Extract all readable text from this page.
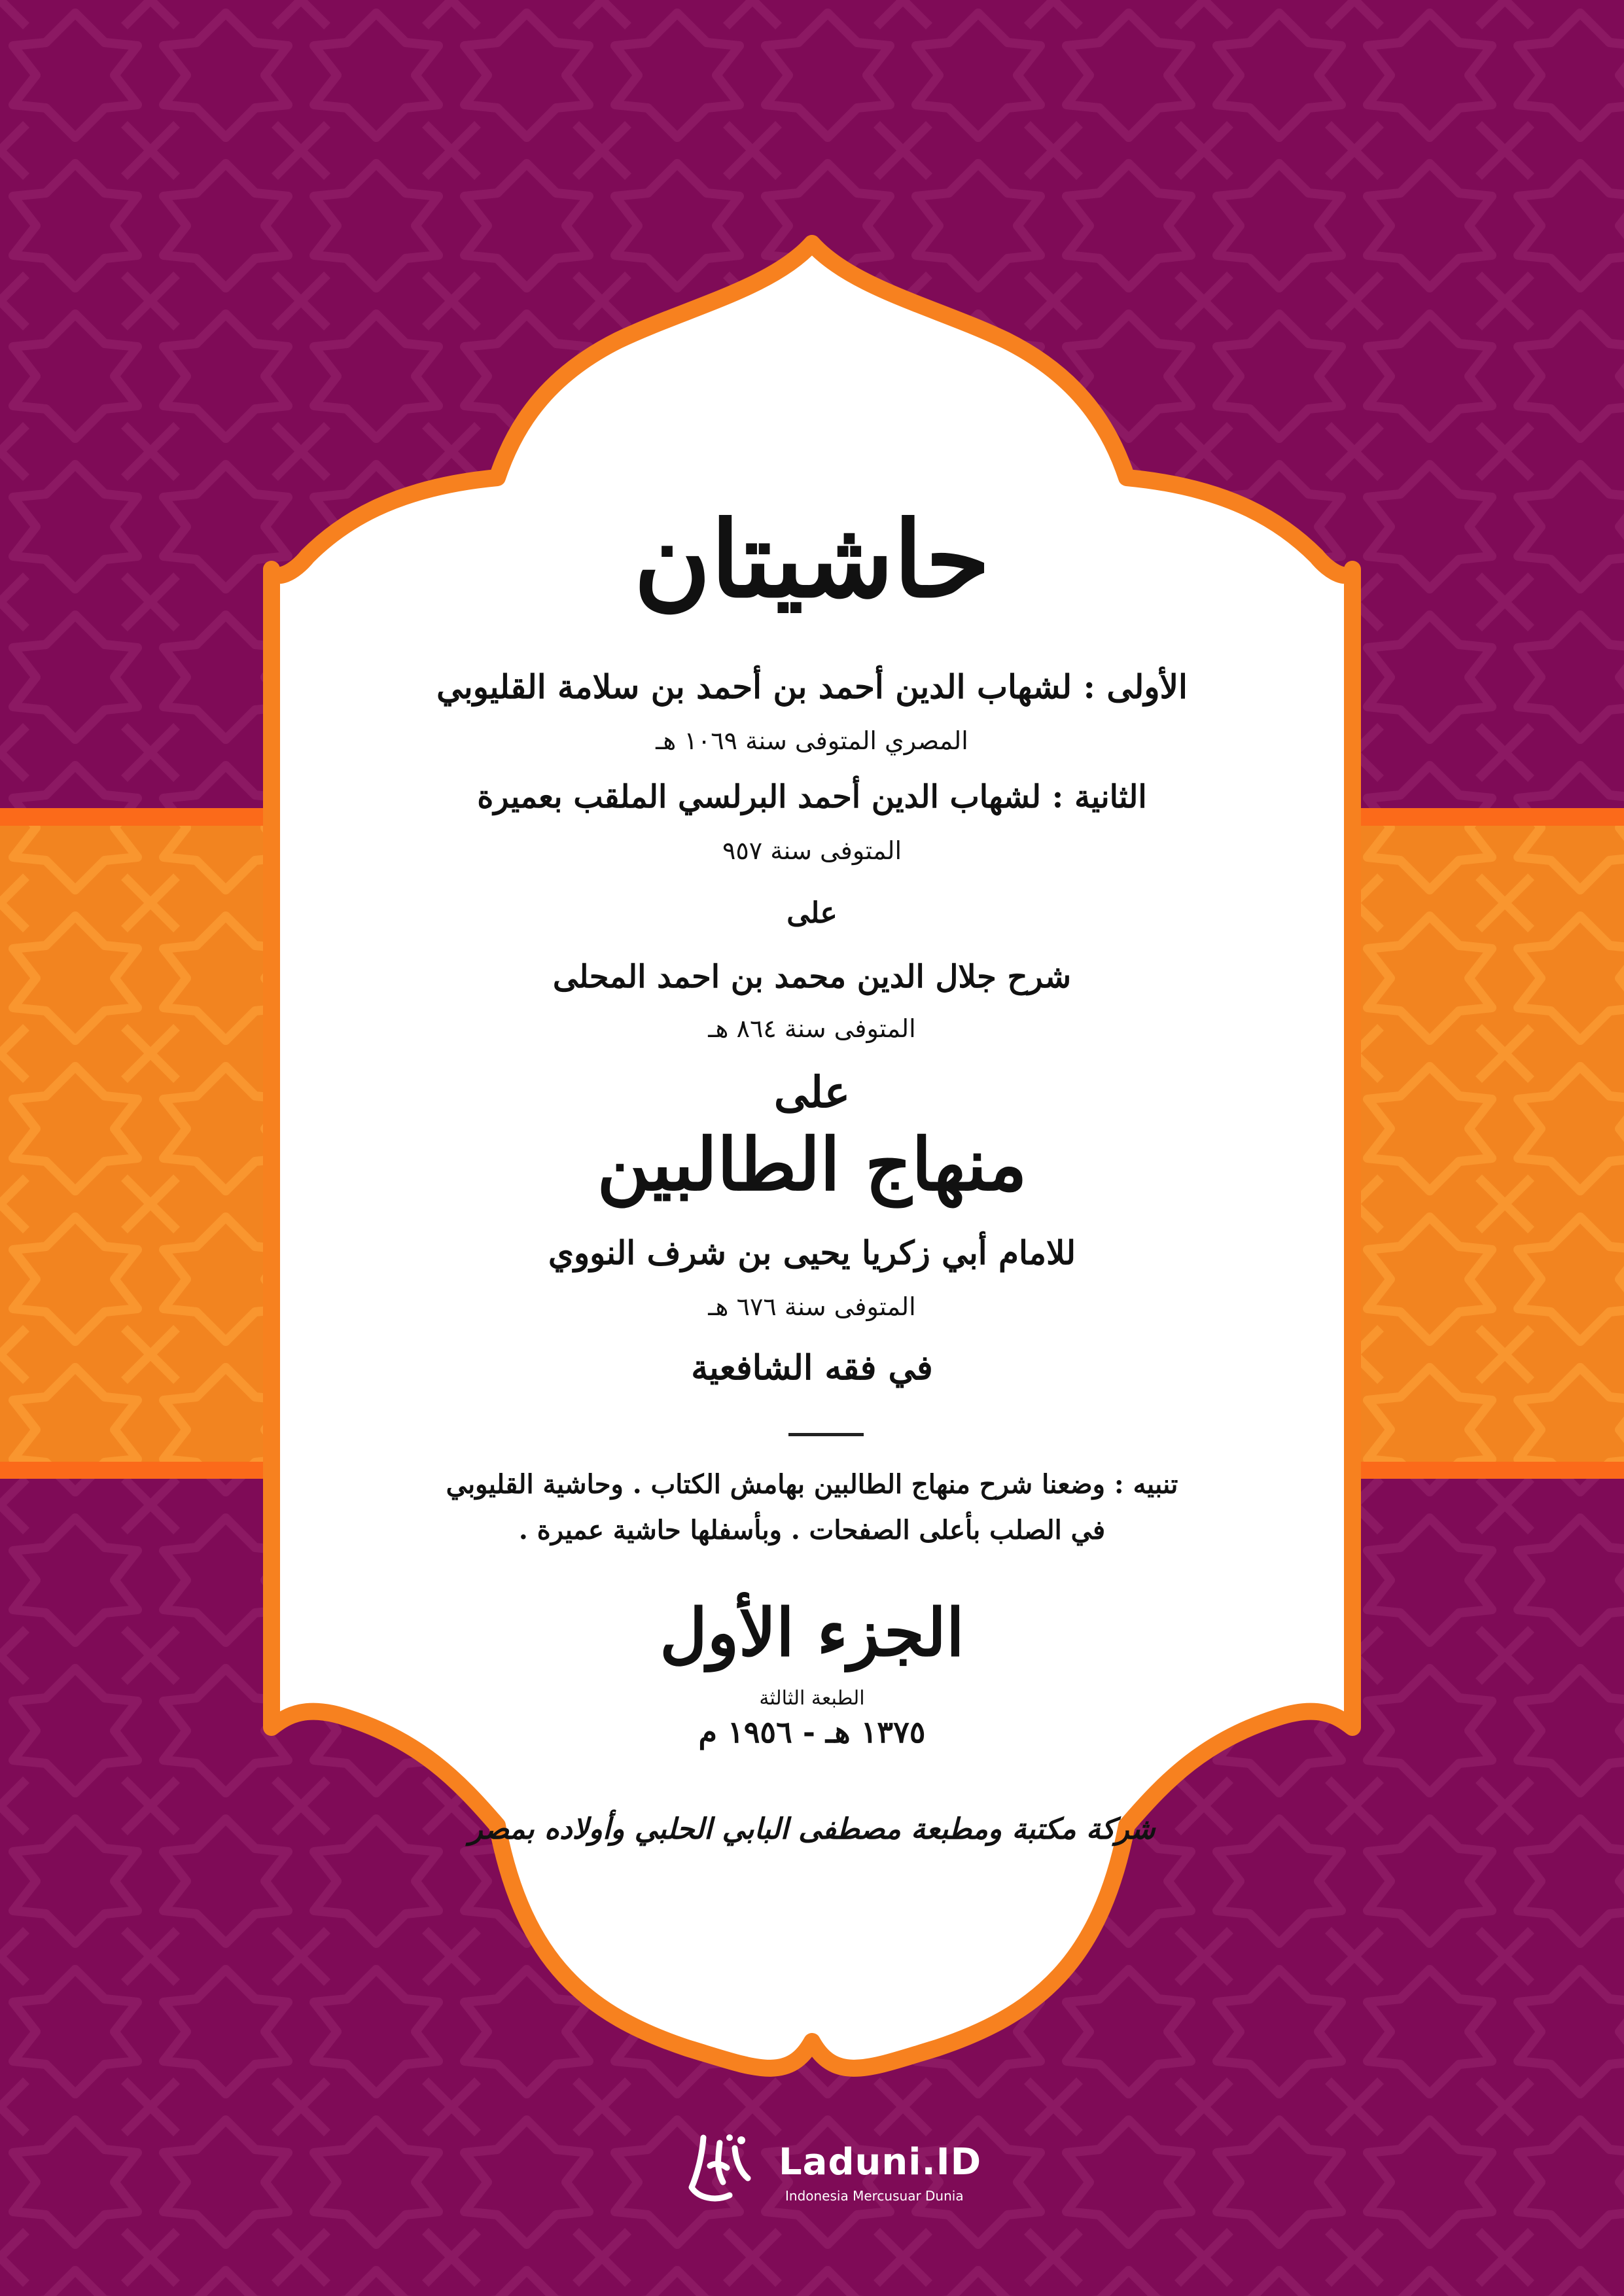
حاشيتان
الأولى : لشهاب الدين أحمد بن أحمد بن سلامة القليوبي
المصري المتوفى سنة ١٠٦٩ هـ
الثانية : لشهاب الدين أحمد البرلسي الملقب بعميرة
المتوفى سنة ٩٥٧
على
شرح جلال الدين محمد بن احمد المحلى
المتوفى سنة ٨٦٤ هـ
على
منهاج الطالبين
للامام أبي زكريا يحيى بن شرف النووي
المتوفى سنة ٦٧٦ هـ
في فقه الشافعية
تنبيه : وضعنا شرح منهاج الطالبين بهامش الكتاب . وحاشية القليوبي
في الصلب بأعلى الصفحات . وبأسفلها حاشية عميرة .
الجزء الأول
الطبعة الثالثة
١٣٧٥ هـ - ١٩٥٦ م
شركة مكتبة ومطبعة مصطفى البابي الحلبي وأولاده بمصر
Laduni.ID
Indonesia Mercusuar Dunia
